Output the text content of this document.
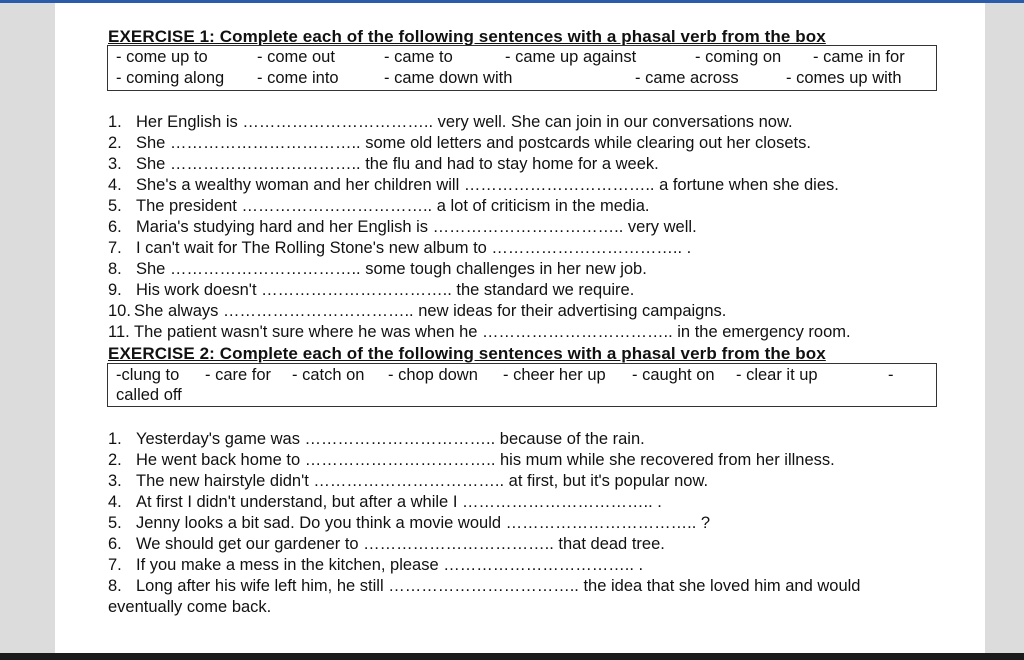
EXERCISE 1: Complete each of the following sentences with a phasal verb from the box
- come up to	- come out	- came to	- came up against	- coming on - came in for
- coming along - come into	- came down with	- came across	- comes up with
1. Her English is …………………………….. very well. She can join in our conversations now.
2. She …………………………….. some old letters and postcards while clearing out her closets.
3. She …………………………….. the flu and had to stay home for a week.
4. She's a wealthy woman and her children will …………………………….. a fortune when she dies.
5. The president …………………………….. a lot of criticism in the media.
6. Maria's studying hard and her English is …………………………….. very well.
7. I can't wait for The Rolling Stone's new album to …………………………….. .
8. She …………………………….. some tough challenges in her new job.
9. His work doesn't …………………………….. the standard we require.
10. She always …………………………….. new ideas for their advertising campaigns.
11. The patient wasn't sure where he was when he …………………………….. in the emergency room.
EXERCISE 2: Complete each of the following sentences with a phasal verb from the box
-clung to - care for - catch on - chop down - cheer her up - caught on - clear it up	-
called off
1. Yesterday's game was …………………………….. because of the rain.
2. He went back home to …………………………….. his mum while she recovered from her illness.
3. The new hairstyle didn't …………………………….. at first, but it's popular now.
4. At first I didn't understand, but after a while I …………………………….. .
5. Jenny looks a bit sad. Do you think a movie would …………………………….. ?
6. We should get our gardener to …………………………….. that dead tree.
7. If you make a mess in the kitchen, please …………………………….. .
8. Long after his wife left him, he still …………………………….. the idea that she loved him and would
eventually come back.
